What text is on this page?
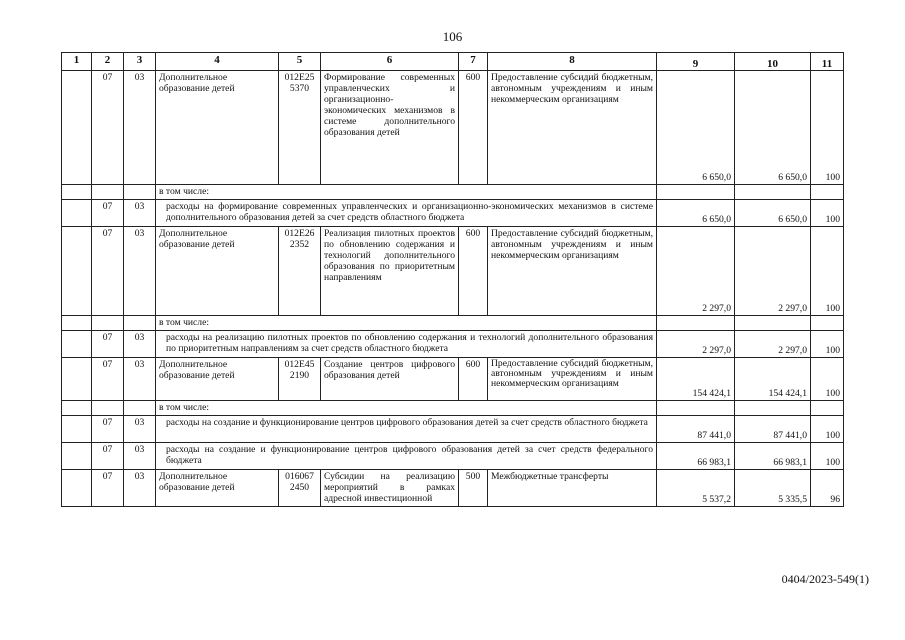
106
1	2	3	4	5	6	7	8	9	10	11
	07	03	Дополнительное образование детей	012E25 5370	Формирование современных управленческих и организационно-экономических механизмов в системе дополнительного образования детей	600	Предоставление субсидий бюджетным, автономным учреждениям и иным некоммерческим организациям	6 650,0	6 650,0	100
			в том числе:							
	07	03	расходы на формирование современных управленческих и организационно-экономических механизмов в системе дополнительного образования детей за счет средств областного бюджета					6 650,0	6 650,0	100
	07	03	Дополнительное образование детей	012E26 2352	Реализация пилотных проектов по обновлению содержания и технологий дополнительного образования по приоритетным направлениям	600	Предоставление субсидий бюджетным, автономным учреждениям и иным некоммерческим организациям	2 297,0	2 297,0	100
			в том числе:							
	07	03	расходы на реализацию пилотных проектов по обновлению содержания и технологий дополнительного образования по приоритетным направлениям за счет средств областного бюджета					2 297,0	2 297,0	100
	07	03	Дополнительное образование детей	012E45 2190	Создание центров цифрового образования детей	600	Предоставление субсидий бюджетным, автономным учреждениям и иным некоммерческим организациям	154 424,1	154 424,1	100
			в том числе:							
	07	03	расходы на создание и функционирование центров цифрового образования детей за счет средств областного бюджета					87 441,0	87 441,0	100
	07	03	расходы на создание и функционирование центров цифрового образования детей за счет средств федерального бюджета					66 983,1	66 983,1	100
	07	03	Дополнительное образование детей	016067 2450	Субсидии на реализацию мероприятий в рамках адресной инвестиционной	500	Межбюджетные трансферты	5 537,2	5 335,5	96
0404/2023-549(1)
